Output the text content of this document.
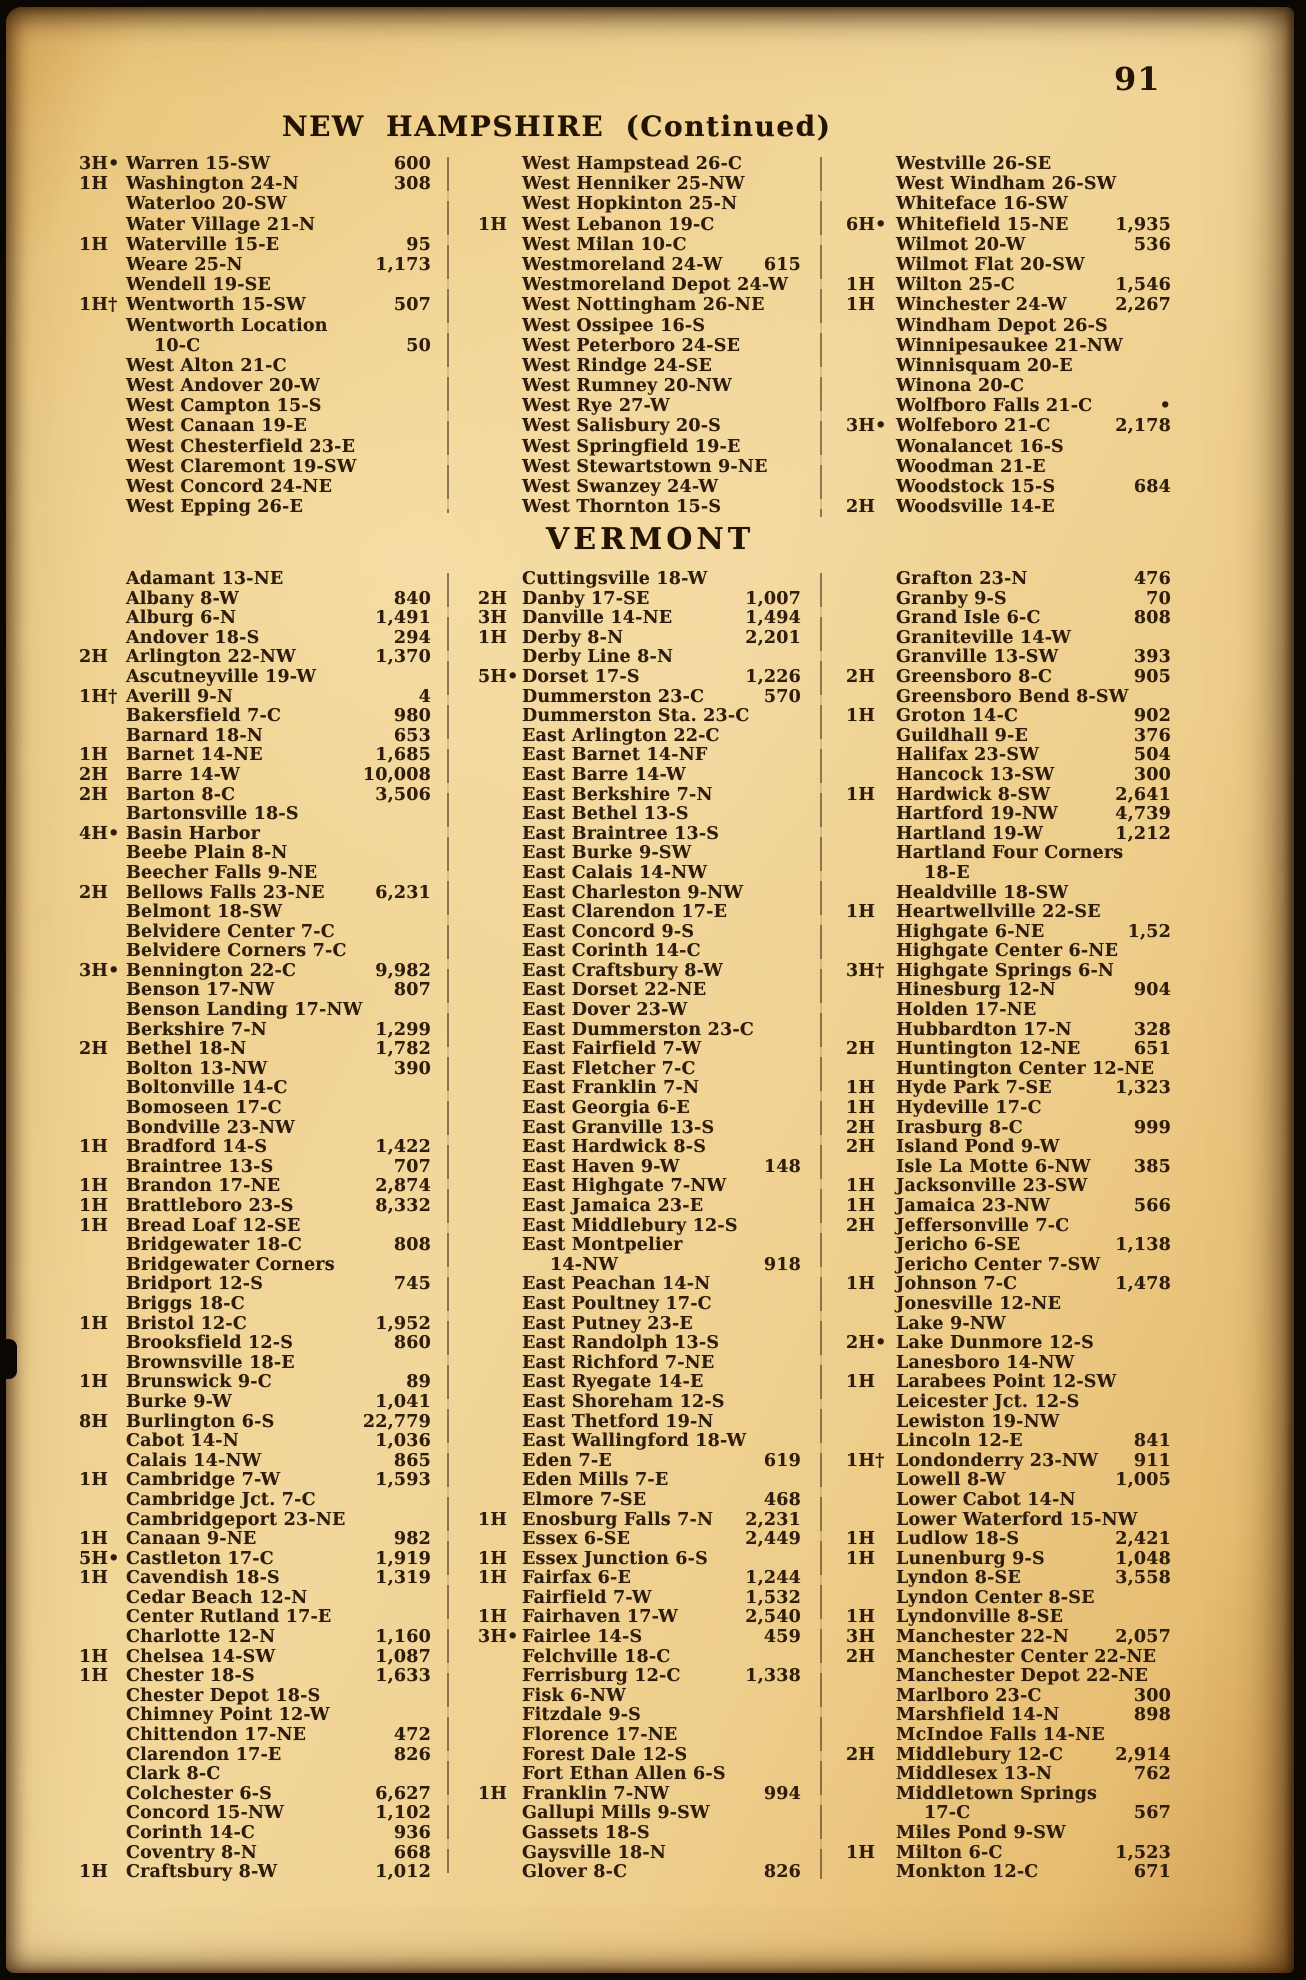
91
NEW HAMPSHIRE (Continued)
VERMONT
3H• Warren 15-SW	600
1H	Washington 24-N	308
Waterloo 20-SW
Water Village 21-N
1H	Waterville 15-E	95
Weare 25-N	1,173
Wendell 19-SE
1H† Wentworth 15-SW	507
Wentworth Location
10-C	50
West Alton 21-C
West Andover 20-W
West Campton 15-S
West Canaan 19-E
West Chesterfield 23-E
West Claremont 19-SW
West Concord 24-NE
West Epping 26-E
West Hampstead 26-C
West Henniker 25-NW
West Hopkinton 25-N
1H West Lebanon 19-C
West Milan 10-C
Westmoreland 24-W 615
Westmoreland Depot 24-W
West Nottingham 26-NE
West Ossipee 16-S
West Peterboro 24-SE
West Rindge 24-SE
West Rumney 20-NW
West Rye 27-W
West Salisbury 20-S
West Springfield 19-E
West Stewartstown 9-NE
West Swanzey 24-W
West Thornton 15-S
Westville 26-SE
West Windham 26-SW
Whiteface 16-SW
6H• Whitefield 15-NE	1,935
Wilmot 20-W	536
Wilmot Flat 20-SW
1H	Wilton 25-C	1,546
1H	Winchester 24-W	2,267
Windham Depot 26-S
Winnipesaukee 21-NW
Winnisquam 20-E
Winona 20-C
Wolfboro Falls 21-C	•
3H• Wolfeboro 21-C	2,178
Wonalancet 16-S
Woodman 21-E
Woodstock 15-S	684
2H	Woodsville 14-E
Adamant 13-NE
Albany 8-W	840
Alburg 6-N	1,491
Andover 18-S	294
2H	Arlington 22-NW	1,370
Ascutneyville 19-W
1H† Averill 9-N	4
Bakersfield 7-C	980
Barnard 18-N	653
1H	Barnet 14-NE	1,685
2H	Barre 14-W	10,008
2H	Barton 8-C	3,506
Bartonsville 18-S
4H• Basin Harbor
Beebe Plain 8-N
Beecher Falls 9-NE
2H	Bellows Falls 23-NE	6,231
Belmont 18-SW
Belvidere Center 7-C
Belvidere Corners 7-C
3H• Bennington 22-C	9,982
Benson 17-NW	807
Benson Landing 17-NW
Berkshire 7-N	1,299
2H	Bethel 18-N	1,782
Bolton 13-NW	390
Boltonville 14-C
Bomoseen 17-C
Bondville 23-NW
1H	Bradford 14-S	1,422
Braintree 13-S	707
1H	Brandon 17-NE	2,874
1H	Brattleboro 23-S	8,332
1H	Bread Loaf 12-SE
Bridgewater 18-C	808
Bridgewater Corners
Bridport 12-S	745
Briggs 18-C
1H	Bristol 12-C	1,952
Brooksfield 12-S	860
Brownsville 18-E
1H	Brunswick 9-C	89
Burke 9-W	1,041
8H	Burlington 6-S	22,779
Cabot 14-N	1,036
Calais 14-NW	865
1H	Cambridge 7-W	1,593
Cambridge Jct. 7-C
Cambridgeport 23-NE
1H	Canaan 9-NE	982
5H• Castleton 17-C	1,919
1H	Cavendish 18-S	1,319
Cedar Beach 12-N
Center Rutland 17-E
Charlotte 12-N	1,160
1H	Chelsea 14-SW	1,087
1H	Chester 18-S	1,633
Chester Depot 18-S
Chimney Point 12-W
Chittendon 17-NE	472
Clarendon 17-E	826
Clark 8-C
Colchester 6-S	6,627
Concord 15-NW	1,102
Corinth 14-C	936
Coventry 8-N	668
1H	Craftsbury 8-W	1,012
Cuttingsville 18-W
2H Danby 17-SE	1,007
3H Danville 14-NE	1,494
1H Derby 8-N	2,201
Derby Line 8-N
5H• Dorset 17-S	1,226
Dummerston 23-C	570
Dummerston Sta. 23-C
East Arlington 22-C
East Barnet 14-NF
East Barre 14-W
East Berkshire 7-N
East Bethel 13-S
East Braintree 13-S
East Burke 9-SW
East Calais 14-NW
East Charleston 9-NW
East Clarendon 17-E
East Concord 9-S
East Corinth 14-C
East Craftsbury 8-W
East Dorset 22-NE
East Dover 23-W
East Dummerston 23-C
East Fairfield 7-W
East Fletcher 7-C
East Franklin 7-N
East Georgia 6-E
East Granville 13-S
East Hardwick 8-S
East Haven 9-W	148
East Highgate 7-NW
East Jamaica 23-E
East Middlebury 12-S
East Montpelier
14-NW	918
East Peachan 14-N
East Poultney 17-C
East Putney 23-E
East Randolph 13-S
East Richford 7-NE
East Ryegate 14-E
East Shoreham 12-S
East Thetford 19-N
East Wallingford 18-W
Eden 7-E	619
Eden Mills 7-E
Elmore 7-SE	468
1H Enosburg Falls 7-N 2,231
Essex 6-SE	2,449
1H Essex Junction 6-S
1H Fairfax 6-E	1,244
Fairfield 7-W	1,532
1H Fairhaven 17-W	2,540
3H• Fairlee 14-S	459
Felchville 18-C
Ferrisburg 12-C	1,338
Fisk 6-NW
Fitzdale 9-S
Florence 17-NE
Forest Dale 12-S
Fort Ethan Allen 6-S
1H Franklin 7-NW	994
Gallupi Mills 9-SW
Gassets 18-S
Gaysville 18-N
Glover 8-C	826
Grafton 23-N	476
Granby 9-S	70
Grand Isle 6-C	808
Graniteville 14-W
Granville 13-SW	393
2H	Greensboro 8-C	905
Greensboro Bend 8-SW
1H	Groton 14-C	902
Guildhall 9-E	376
Halifax 23-SW	504
Hancock 13-SW	300
1H	Hardwick 8-SW	2,641
Hartford 19-NW	4,739
Hartland 19-W	1,212
Hartland Four Corners
18-E
Healdville 18-SW
1H	Heartwellville 22-SE
Highgate 6-NE	1,52
Highgate Center 6-NE
3H† Highgate Springs 6-N
Hinesburg 12-N	904
Holden 17-NE
Hubbardton 17-N	328
2H	Huntington 12-NE	651
Huntington Center 12-NE
1H	Hyde Park 7-SE	1,323
1H	Hydeville 17-C
2H	Irasburg 8-C	999
2H	Island Pond 9-W
Isle La Motte 6-NW 385
1H	Jacksonville 23-SW
1H	Jamaica 23-NW	566
2H	Jeffersonville 7-C
Jericho 6-SE	1,138
Jericho Center 7-SW
1H	Johnson 7-C	1,478
Jonesville 12-NE
Lake 9-NW
2H• Lake Dunmore 12-S
Lanesboro 14-NW
1H	Larabees Point 12-SW
Leicester Jct. 12-S
Lewiston 19-NW
Lincoln 12-E	841
1H† Londonderry 23-NW 911
Lowell 8-W	1,005
Lower Cabot 14-N
Lower Waterford 15-NW
1H	Ludlow 18-S	2,421
1H	Lunenburg 9-S	1,048
Lyndon 8-SE	3,558
Lyndon Center 8-SE
1H	Lyndonville 8-SE
3H	Manchester 22-N	2,057
2H	Manchester Center 22-NE
Manchester Depot 22-NE
Marlboro 23-C	300
Marshfield 14-N	898
McIndoe Falls 14-NE
2H	Middlebury 12-C	2,914
Middlesex 13-N	762
Middletown Springs
17-C	567
Miles Pond 9-SW
1H	Milton 6-C	1,523
Monkton 12-C	671
